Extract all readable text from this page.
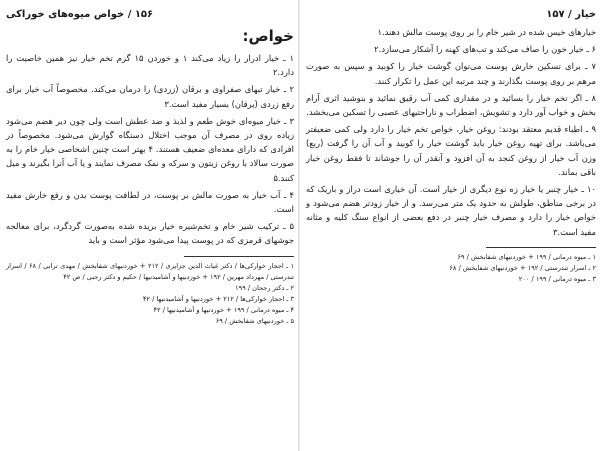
۱۵۶ / خواص میوه‌های خوراکی
خواص:

۱ ـ خیار ادرار را زیاد می‌کند ۱ و خوردن ۱۵ گرم تخم خیار نیز همین خاصیت را دارد.۲

۲ ـ خیار تبهای صفراوی و یرقان (زردی) را درمان می‌کند. مخصوصاً آب خیار برای رفع زردی (یرقان) بسیار مفید است.۳

۳ ـ خیار میوه‌ای خوش طعم و لذیذ و ضد عطش است ولی چون دیر هضم می‌شود زیاده روی در مصرف آن موجب اختلال دستگاه گوارش می‌شود. مخصوصاً در افرادی که دارای معده‌ای ضعیف هستند. ۴ بهتر است چنین اشخاصی خیار خام را به صورت سالاد با روغن زیتون و سرکه و نمک مصرف نمایند و یا آب آنرا بگیرند و میل کنند.۵

۴ ـ آب خیار به صورت مالش بر پوست، در لطافت پوست بدن و رفع خارش مفید است.

۵ ـ ترکیب شیر خام و تخم‌شیره خیار بریده شده به‌صورت گردگرد، برای معالجه جوشهای قرمزی که در پوست پیدا می‌شود مؤثر است و باید

۱ ـ احجار خوارکی‌ها / دکتر غیاث الدین جزایری / ۲۱۲ + خوردنیهای شفابخش / مهدی ترابی / ۶۸ / اسرار تندرستی / مهرداد مهرین / ۱۹۲ + خوردنیها و آشامیدنیها / حکیم و دکتر رجبی / ص ۴۲

۲ ـ دکتر رجحان / ۱۹۹

۳ ـ احجار خوارکی‌ها / ۲۱۲ + خوردنیها و آشامیدنیها / ۴۲

۴ ـ میوه درمانی / ۱۹۹ + خوردنیها و آشامیدنیها / ۴۲

۵ ـ خوردنیهای شفابخش / ۶۹

خیار / ۱۵۷

خیارهای خیس شده در شیر خام را بر روی پوست مالش دهند.۱

۶ ـ خیار خون را صاف می‌کند و تب‌های کهنه را آشکار می‌سازد.۲

۷ ـ برای تسکین خارش پوست می‌توان گوشت خیار را کوبید و سپس به صورت مرهم بر روی پوست بگذارند و چند مرتبه این عمل را تکرار کنند.

۸ ـ اگر تخم خیار را بسائید و در مقداری کمی آب رقیق نمائید و بنوشید اثری آرام بخش و خواب آور دارد و تشویش، اضطراب و ناراحتیهای عصبی را تسکین می‌بخشد.

۹ ـ اطباء قدیم معتقد بودند: روغن خیار، خواص تخم خیار را دارد ولی کمی ضعیفتر می‌باشد. برای تهیه روغن خیار باید گوشت خیار را کوبید و آب آن را گرفت (ربع) وزن آب خیار از روغن کنجد به آن افزود و آنقدر آن را جوشاند تا فقط روغن خیار باقی بماند.

۱۰ ـ خیار چنبر یا خیار زه نوع دیگری از خیار است. آن خیاری است دراز و باریک که در برخی مناطق، طولش به حدود یک متر می‌رسد. و از خیار زودتر هضم می‌شود و خواص خیار را دارد و مصرف خیار چنبر در دفع بعضی از انواع سنگ کلیه و مثانه مفید است.۳

۱ ـ میوه درمانی / ۱۹۹ + خوردنیهای شفابخش / ۶۹

۲ ـ اسرار تندرستی / ۱۹۲ + خوردنیهای شفابخش / ۶۸

۳ ـ میوه درمانی / ۱۹۹ / ۲۰۰
